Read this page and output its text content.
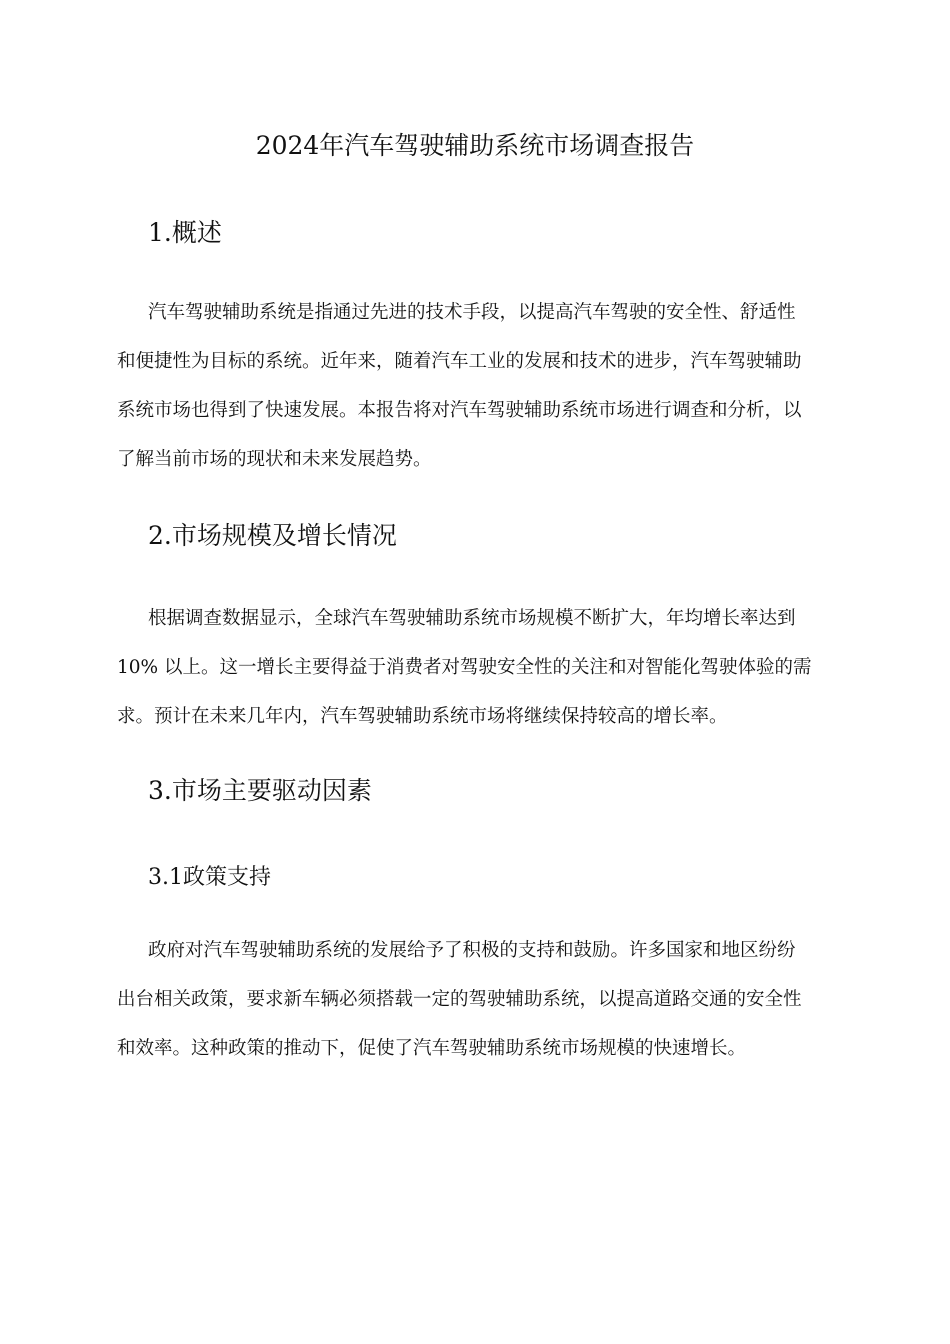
2024年汽车驾驶辅助系统市场调查报告
1.概述
汽车驾驶辅助系统是指通过先进的技术手段，以提高汽车驾驶的安全性、舒适性
和便捷性为目标的系统。近年来，随着汽车工业的发展和技术的进步，汽车驾驶辅助
系统市场也得到了快速发展。本报告将对汽车驾驶辅助系统市场进行调查和分析，以
了解当前市场的现状和未来发展趋势。
2.市场规模及增长情况
根据调查数据显示，全球汽车驾驶辅助系统市场规模不断扩大，年均增长率达到
10% 以上。这一增长主要得益于消费者对驾驶安全性的关注和对智能化驾驶体验的需
求。预计在未来几年内，汽车驾驶辅助系统市场将继续保持较高的增长率。
3.市场主要驱动因素
3.1政策支持
政府对汽车驾驶辅助系统的发展给予了积极的支持和鼓励。许多国家和地区纷纷
出台相关政策，要求新车辆必须搭载一定的驾驶辅助系统，以提高道路交通的安全性
和效率。这种政策的推动下，促使了汽车驾驶辅助系统市场规模的快速增长。
